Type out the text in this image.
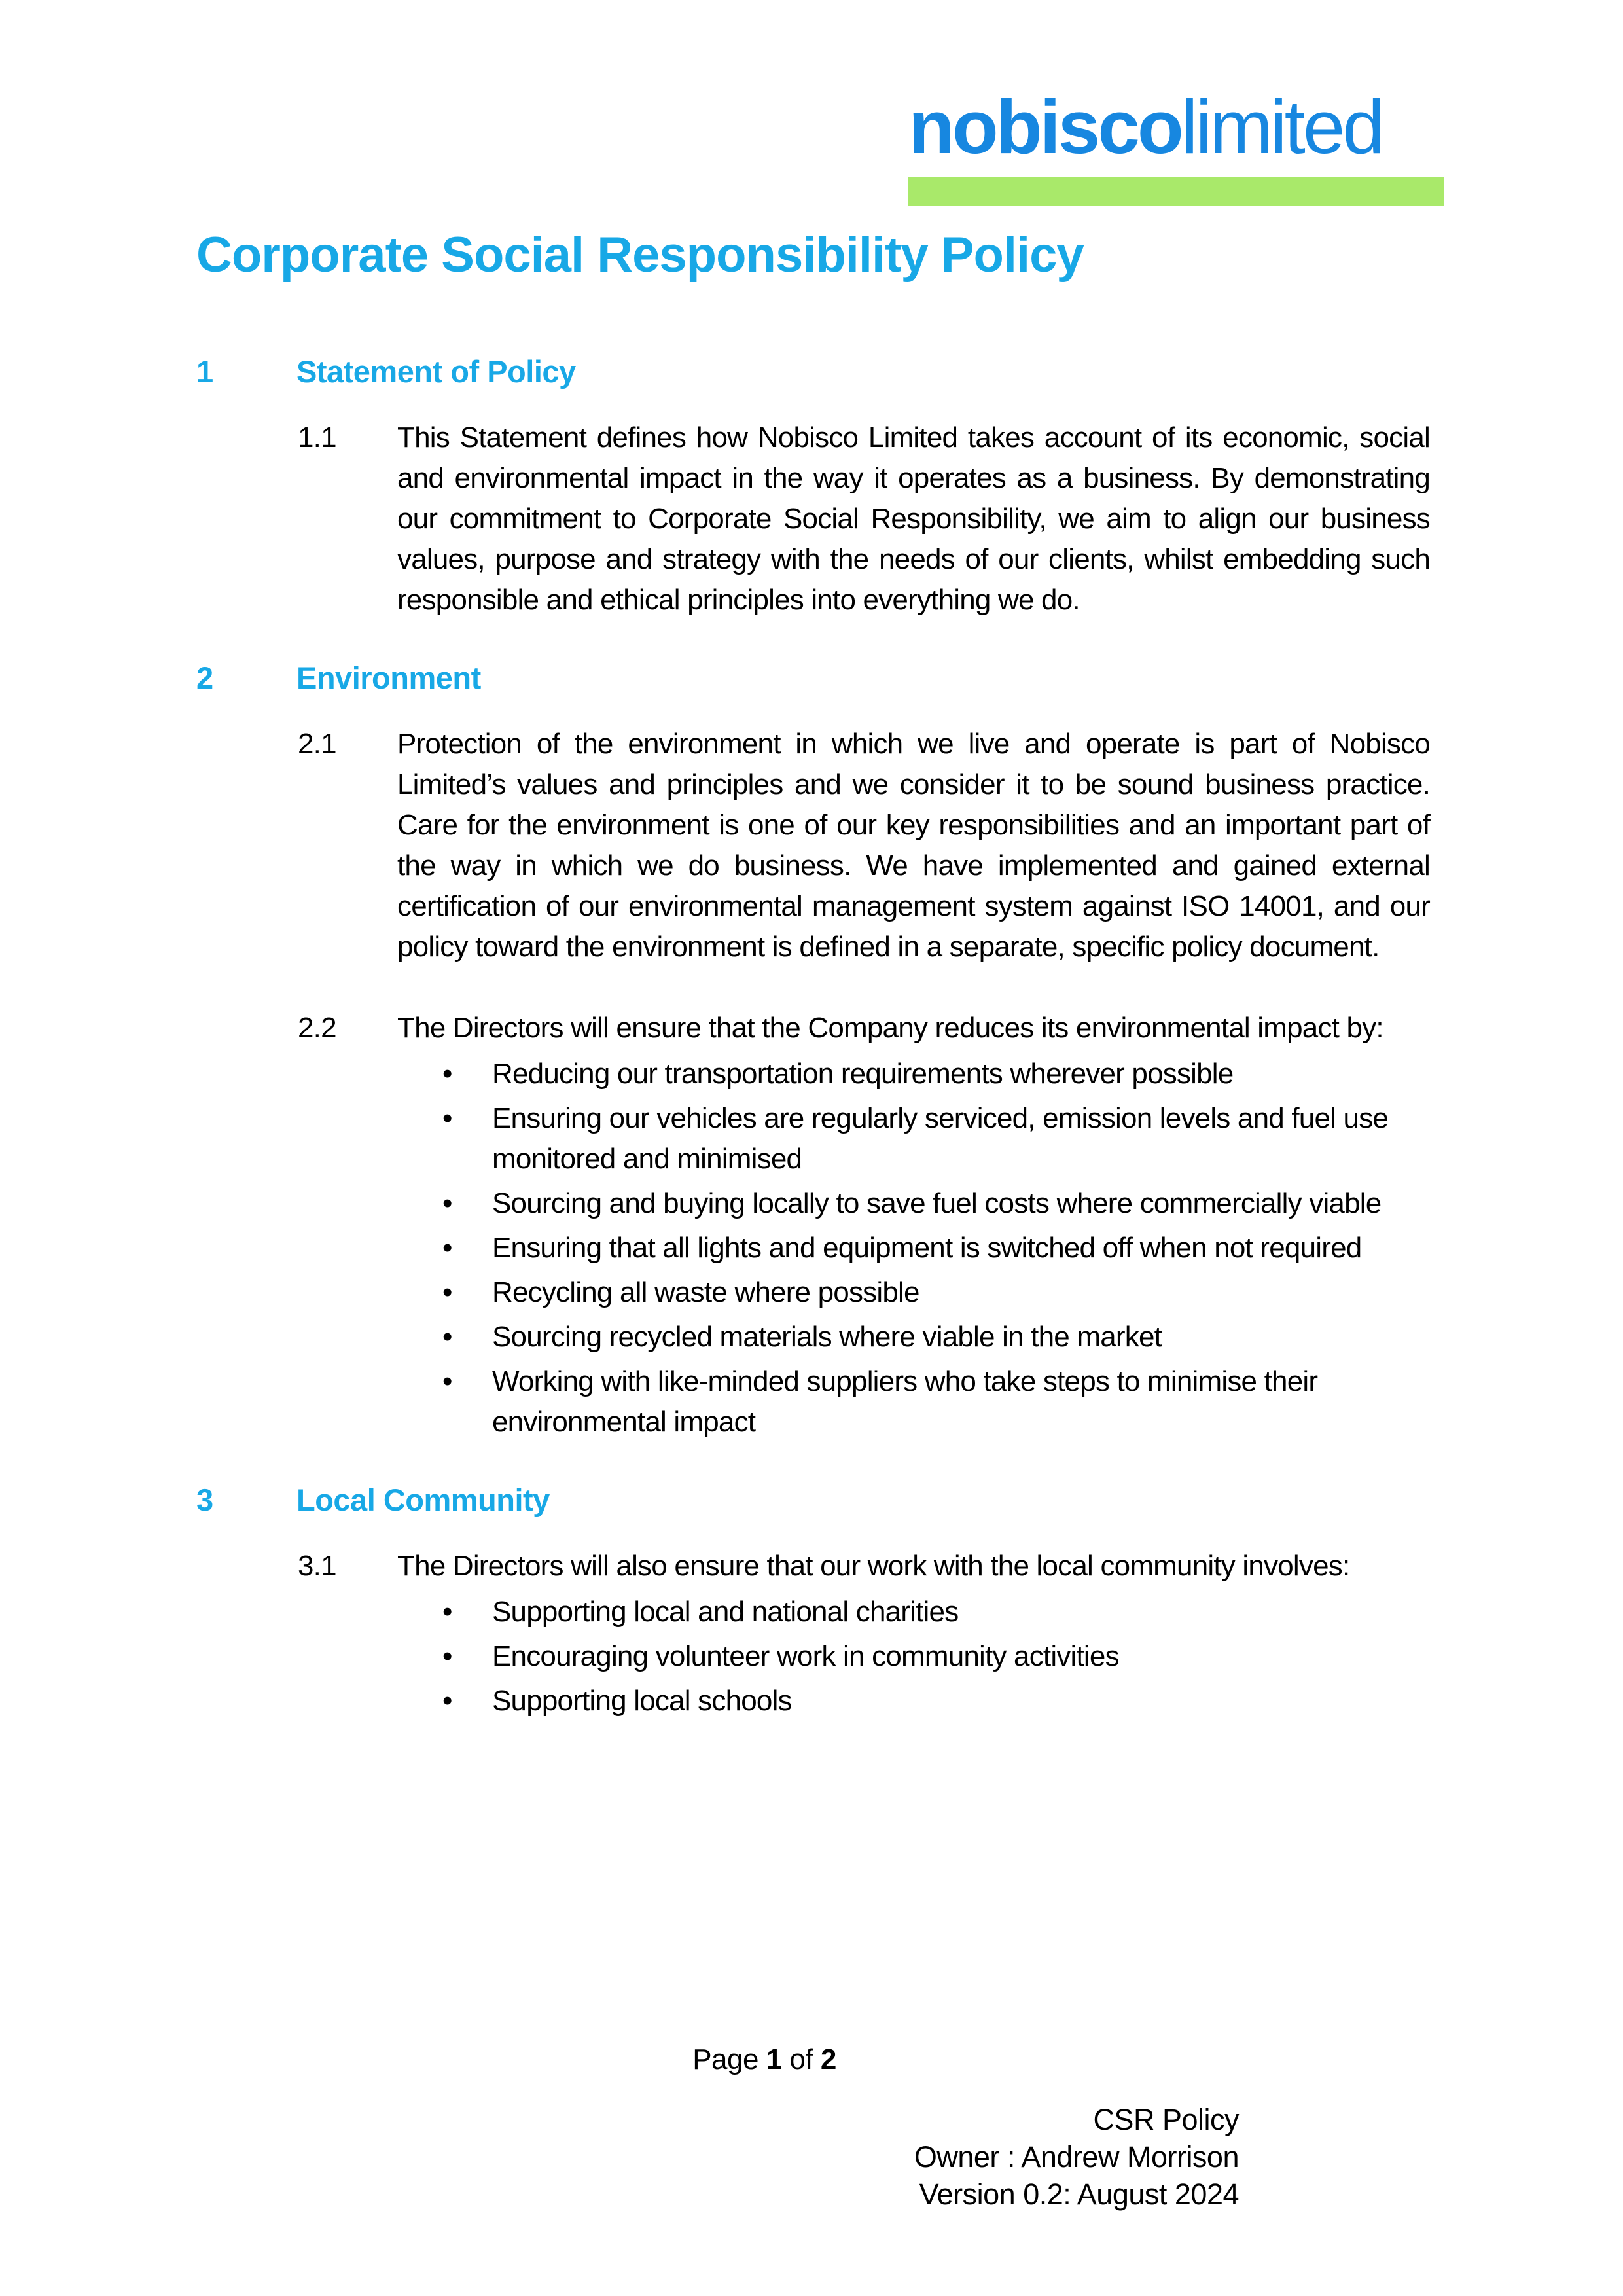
nobiscolimited
Corporate Social Responsibility Policy
1	Statement of Policy
1.1	This Statement defines how Nobisco Limited takes account of its economic, social and environmental impact in the way it operates as a business. By demonstrating our commitment to Corporate Social Responsibility, we aim to align our business values, purpose and strategy with the needs of our clients, whilst embedding such responsible and ethical principles into everything we do.

2	Environment
2.1	Protection of the environment in which we live and operate is part of Nobisco Limited’s values and principles and we consider it to be sound business practice. Care for the environment is one of our key responsibilities and an important part of the way in which we do business. We have implemented and gained external certification of our environmental management system against ISO 14001, and our policy toward the environment is defined in a separate, specific policy document.

2.2	The Directors will ensure that the Company reduces its environmental impact by:

• Reducing our transportation requirements wherever possible
• Ensuring our vehicles are regularly serviced, emission levels and fuel use monitored and minimised
• Sourcing and buying locally to save fuel costs where commercially viable
• Ensuring that all lights and equipment is switched off when not required
• Recycling all waste where possible
• Sourcing recycled materials where viable in the market
• Working with like-minded suppliers who take steps to minimise their environmental impact
3	Local Community
3.1	The Directors will also ensure that our work with the local community involves:

• Supporting local and national charities
• Encouraging volunteer work in community activities
• Supporting local schools
Page 1 of 2
CSR Policy
Owner : Andrew Morrison
Version 0.2: August 2024
